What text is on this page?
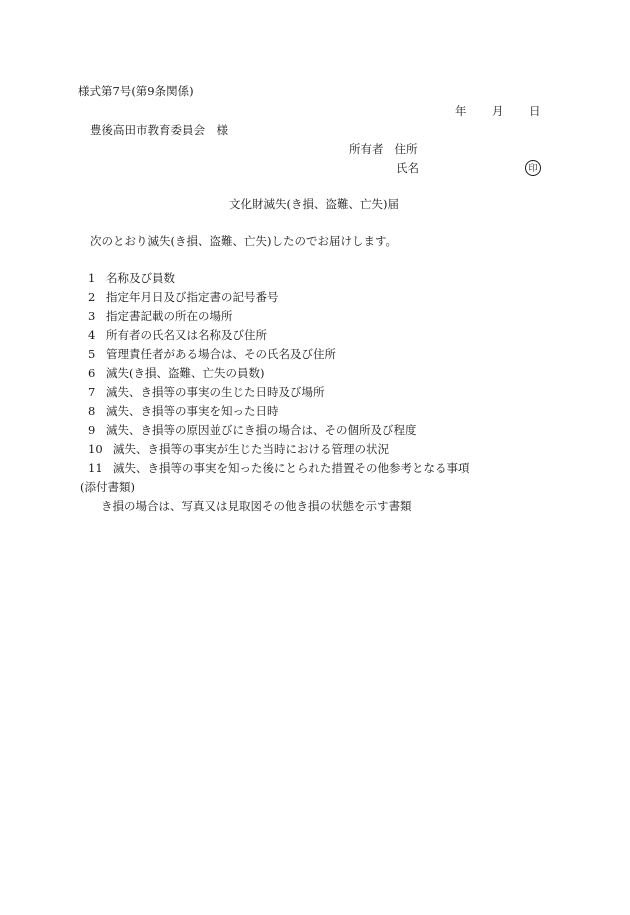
様式第7号(第9条関係)
年 月 日
豊後高田市教育委員会　様
所有者 住所
氏名	印
文化財滅失(き損、盗難、亡失)届
次のとおり滅失(き損、盗難、亡失)したのでお届けします。
1 名称及び員数
2 指定年月日及び指定書の記号番号
3 指定書記載の所在の場所
4 所有者の氏名又は名称及び住所
5 管理責任者がある場合は、その氏名及び住所
6 滅失(き損、盗難、亡失の員数)
7 滅失、き損等の事実の生じた日時及び場所
8 滅失、き損等の事実を知った日時
9 滅失、き損等の原因並びにき損の場合は、その個所及び程度
10 滅失、き損等の事実が生じた当時における管理の状況
11 滅失、き損等の事実を知った後にとられた措置その他参考となる事項
(添付書類)
き損の場合は、写真又は見取図その他き損の状態を示す書類
